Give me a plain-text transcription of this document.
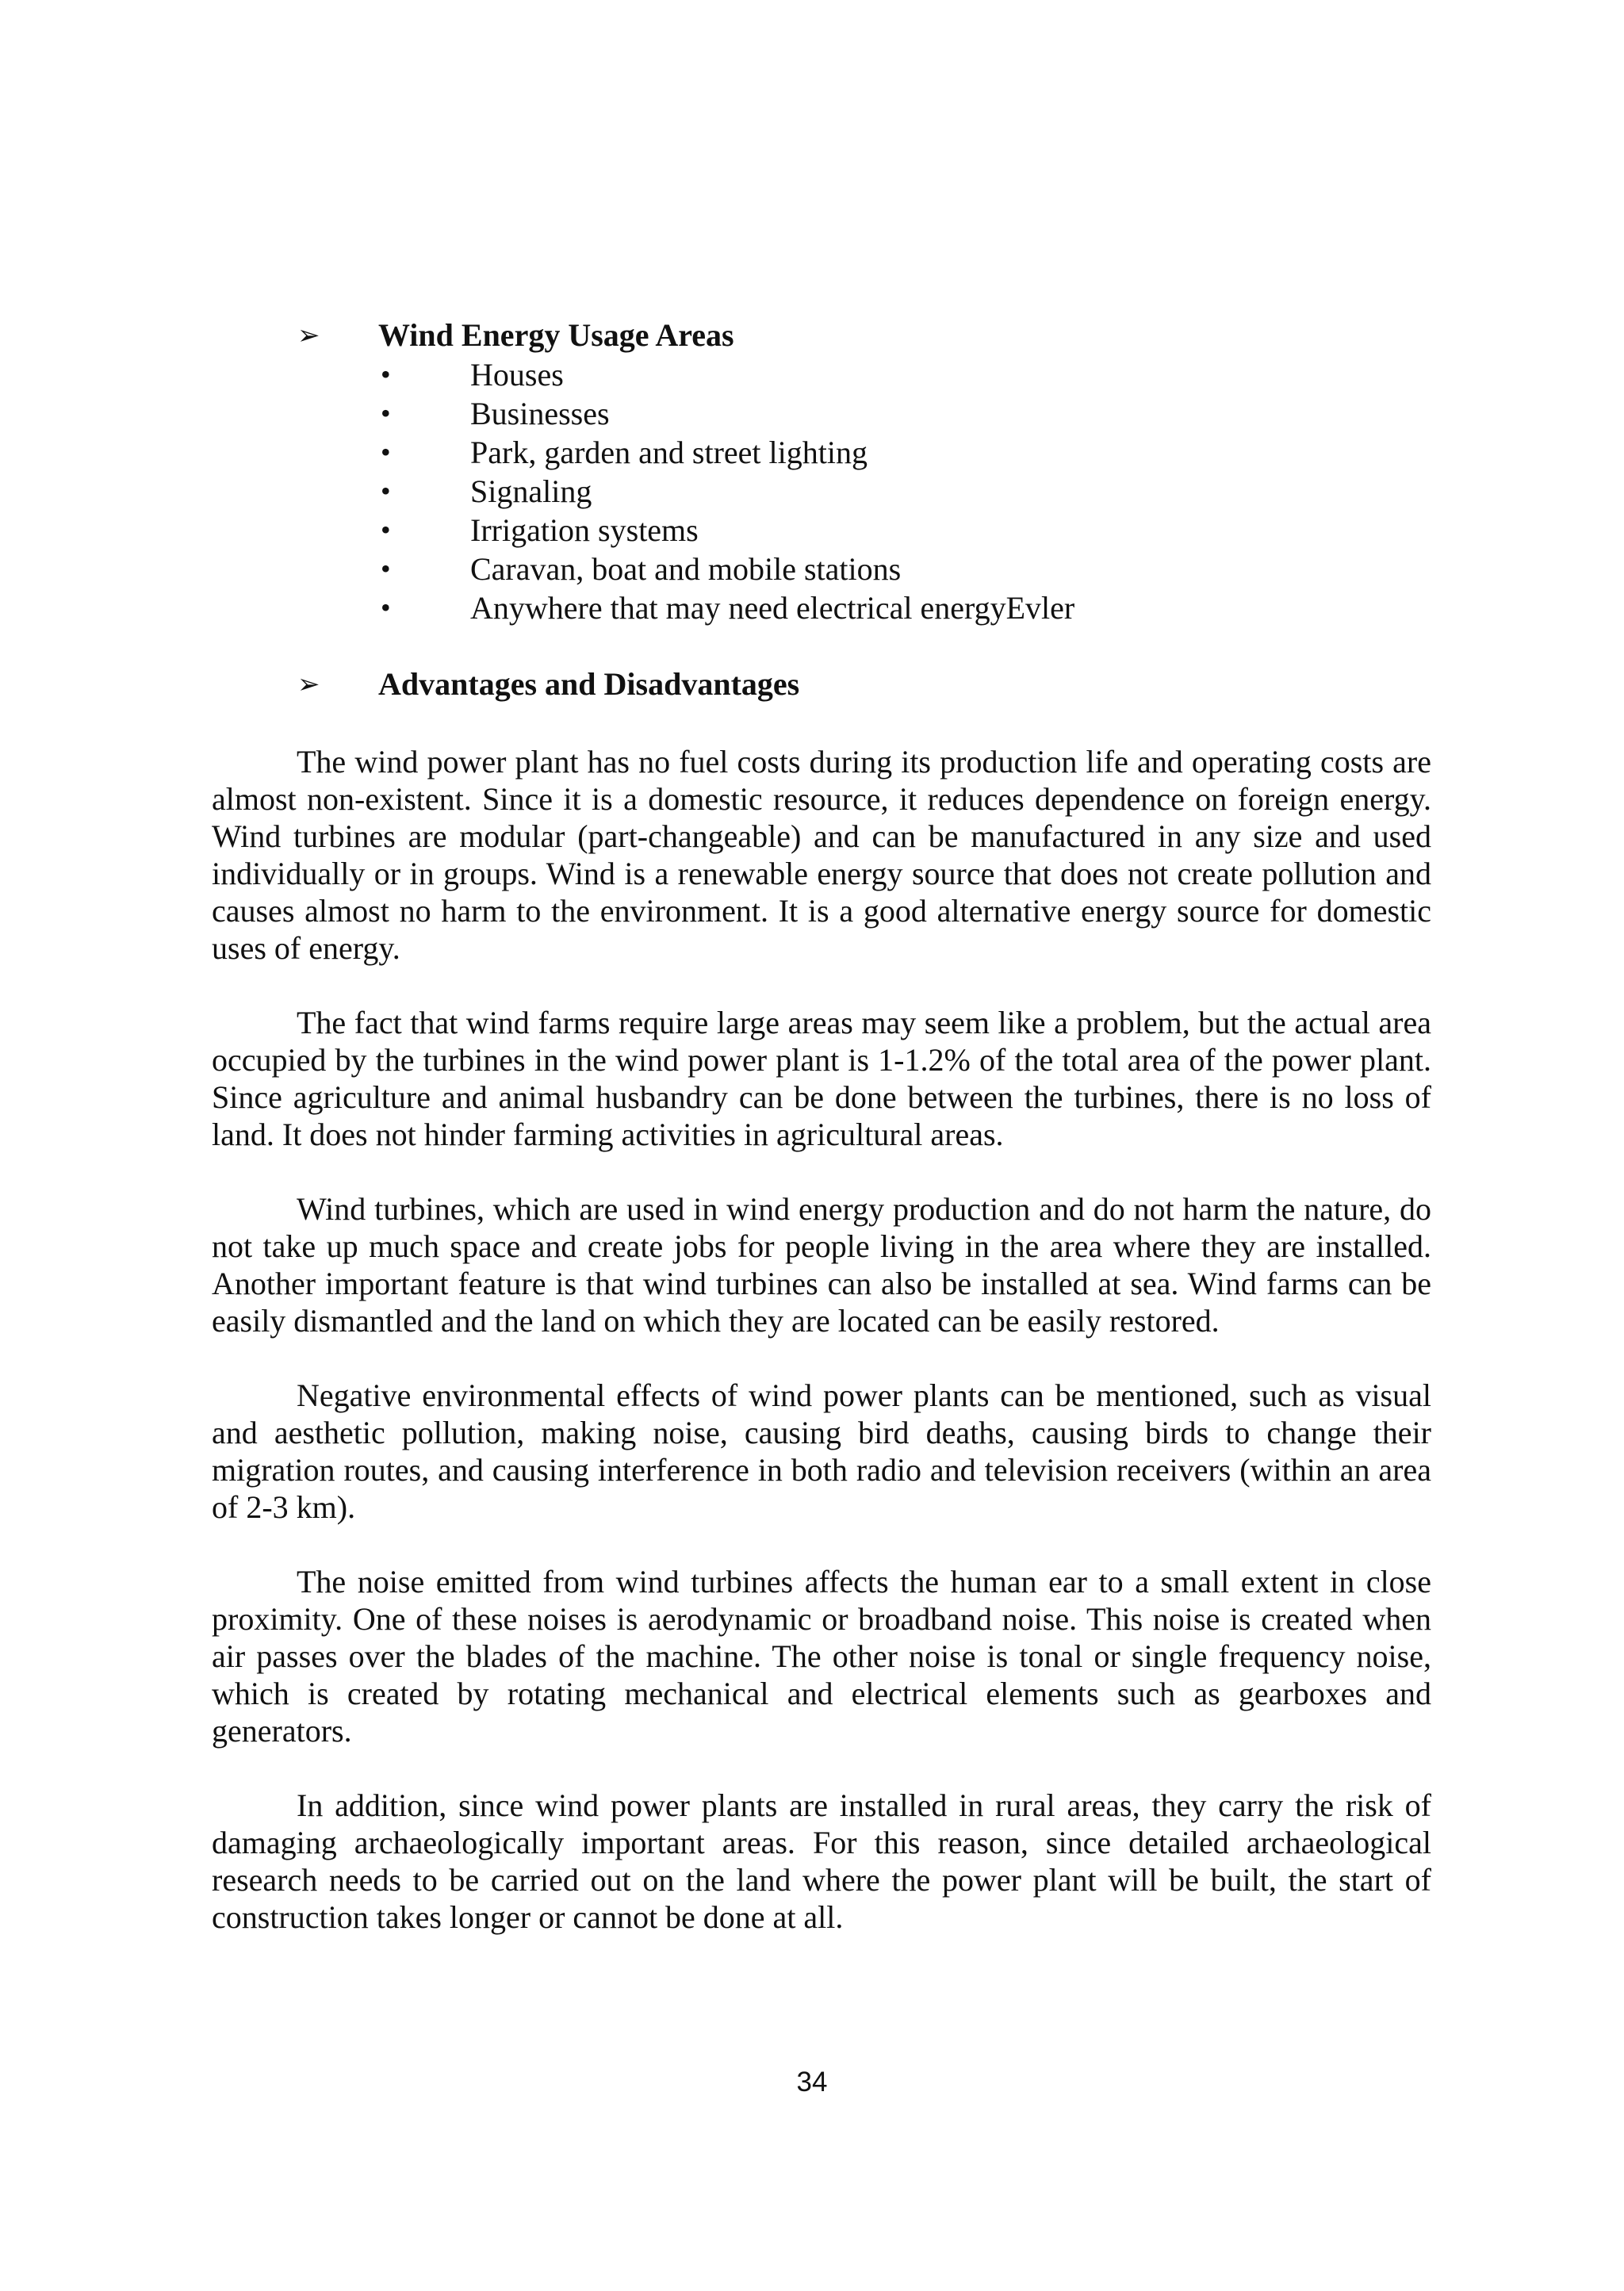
➢ Wind Energy Usage Areas
•	Houses
•	Businesses
•	Park, garden and street lighting
•	Signaling
•	Irrigation systems
•	Caravan, boat and mobile stations
•	Anywhere that may need electrical energyEvler
➢ Advantages and Disadvantages

The wind power plant has no fuel costs during its production life and operating costs are almost non-existent. Since it is a domestic resource, it reduces dependence on foreign energy. Wind turbines are modular (part-changeable) and can be manufactured in any size and used individually or in groups. Wind is a renewable energy source that does not create pollution and causes almost no harm to the environment. It is a good alternative energy source for domestic uses of energy.

The fact that wind farms require large areas may seem like a problem, but the actual area occupied by the turbines in the wind power plant is 1-1.2% of the total area of the power plant. Since agriculture and animal husbandry can be done between the turbines, there is no loss of land. It does not hinder farming activities in agricultural areas.

Wind turbines, which are used in wind energy production and do not harm the nature, do not take up much space and create jobs for people living in the area where they are installed. Another important feature is that wind turbines can also be installed at sea. Wind farms can be easily dismantled and the land on which they are located can be easily restored.

Negative environmental effects of wind power plants can be mentioned, such as visual and aesthetic pollution, making noise, causing bird deaths, causing birds to change their migration routes, and causing interference in both radio and television receivers (within an area of 2-3 km).

The noise emitted from wind turbines affects the human ear to a small extent in close proximity. One of these noises is aerodynamic or broadband noise. This noise is created when air passes over the blades of the machine. The other noise is tonal or single frequency noise, which is created by rotating mechanical and electrical elements such as gearboxes and generators.

In addition, since wind power plants are installed in rural areas, they carry the risk of damaging archaeologically important areas. For this reason, since detailed archaeological research needs to be carried out on the land where the power plant will be built, the start of construction takes longer or cannot be done at all.

34
